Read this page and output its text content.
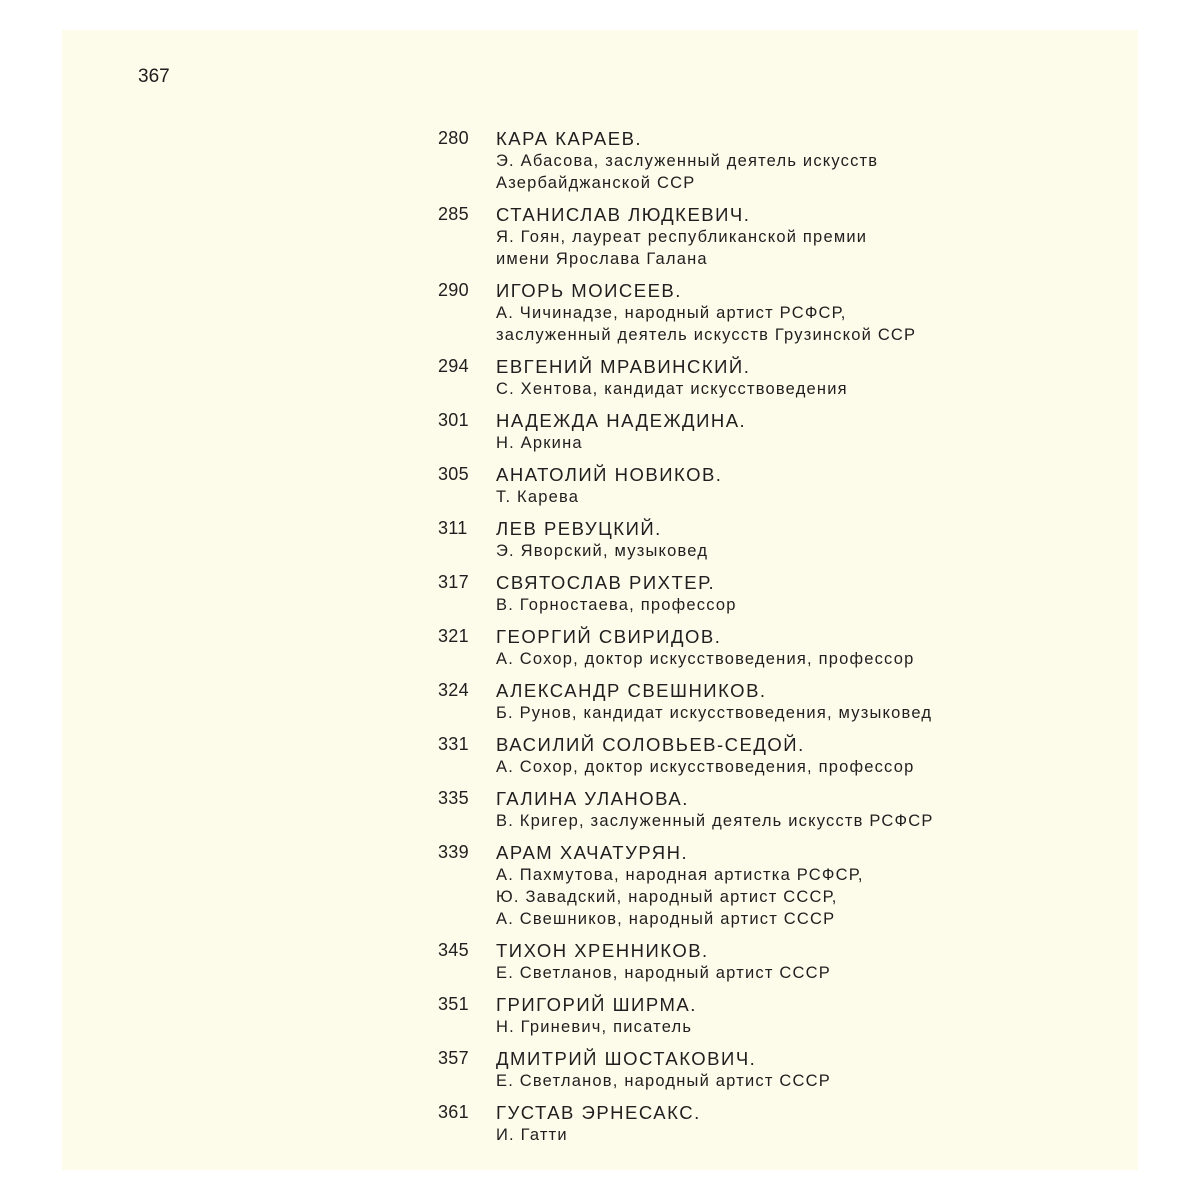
367
280 КАРА КАРАЕВ.
Э. Абасова, заслуженный деятель искусств
Азербайджанской ССР
285 СТАНИСЛАВ ЛЮДКЕВИЧ.
Я. Гоян, лауреат республиканской премии
имени Ярослава Галана
290 ИГОРЬ МОИСЕЕВ.
А. Чичинадзе, народный артист РСФСР,
заслуженный деятель искусств Грузинской ССР
294 ЕВГЕНИЙ МРАВИНСКИЙ.
С. Хентова, кандидат искусствоведения
301 НАДЕЖДА НАДЕЖДИНА.
Н. Аркина
305 АНАТОЛИЙ НОВИКОВ.
Т. Карева
311 ЛЕВ РЕВУЦКИЙ.
Э. Яворский, музыковед
317 СВЯТОСЛАВ РИХТЕР.
В. Горностаева, профессор
321 ГЕОРГИЙ СВИРИДОВ.
А. Сохор, доктор искусствоведения, профессор
324 АЛЕКСАНДР СВЕШНИКОВ.
Б. Рунов, кандидат искусствоведения, музыковед
331 ВАСИЛИЙ СОЛОВЬЕВ-СЕДОЙ.
А. Сохор, доктор искусствоведения, профессор
335 ГАЛИНА УЛАНОВА.
В. Кригер, заслуженный деятель искусств РСФСР
339 АРАМ ХАЧАТУРЯН.
А. Пахмутова, народная артистка РСФСР,
Ю. Завадский, народный артист СССР,
А. Свешников, народный артист СССР
345 ТИХОН ХРЕННИКОВ.
Е. Светланов, народный артист СССР
351 ГРИГОРИЙ ШИРМА.
Н. Гриневич, писатель
357 ДМИТРИЙ ШОСТАКОВИЧ.
Е. Светланов, народный артист СССР
361 ГУСТАВ ЭРНЕСАКС.
И. Гатти
